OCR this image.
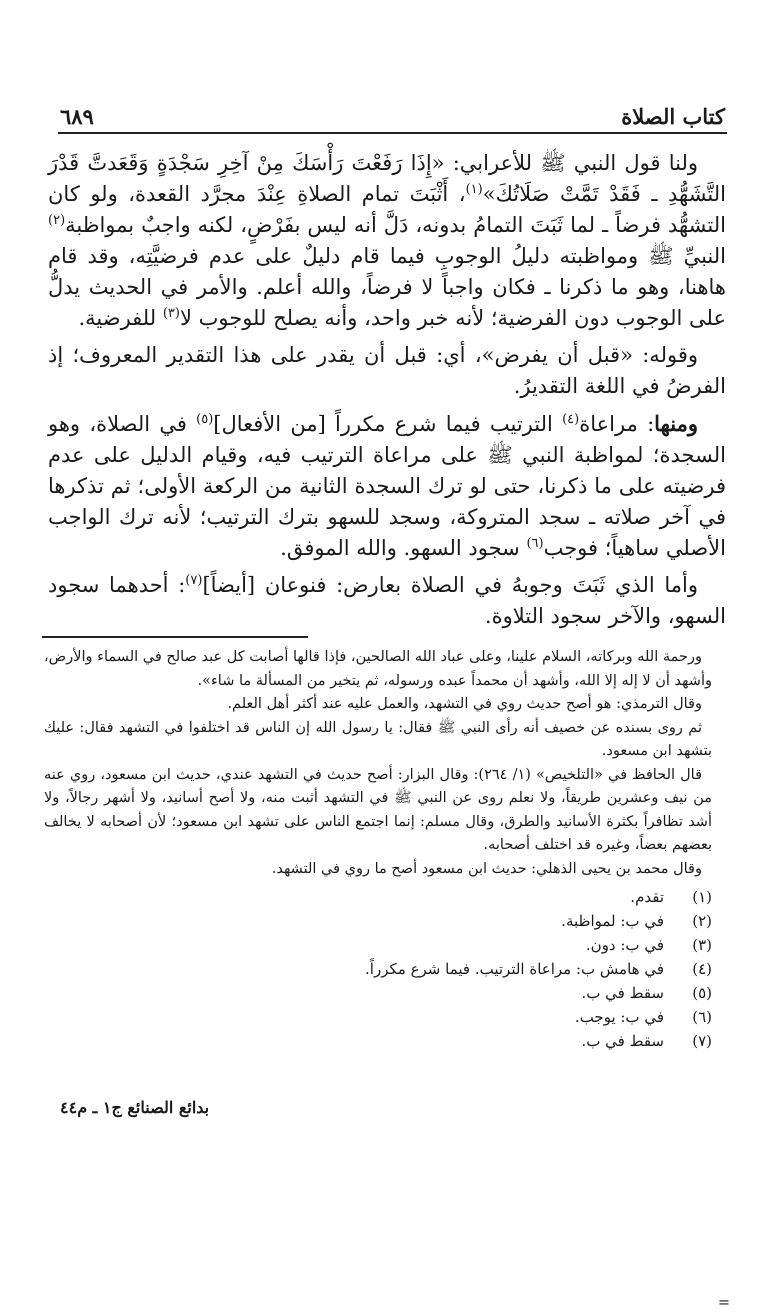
كتاب الصلاة
٦٨٩

ولنا قول النبي ﷺ للأعرابي: «إِذَا رَفَعْتَ رَأْسَكَ مِنْ آخِرِ سَجْدَةٍ وَقَعَدتَّ قَدْرَ التَّشَهُّدِ ـ فَقَدْ تَمَّتْ صَلَاتُكَ»$^{(١)}$، أَثْبَتَ تمام الصلاةِ عِنْدَ مجرَّد القعدة، ولو كان التشهُّد فرضاً ـ لما ثَبَتَ التمامُ بدونه، دَلَّ أنه ليس بفَرْضٍ، لكنه واجبٌ بمواظبة$^{(٢)}$ النبيِّ ﷺ ومواظبته دليلُ الوجوبِ فيما قام دليلٌ على عدم فرضيَّتِه، وقد قام هاهنا، وهو ما ذكرنا ـ فكان واجباً لا فرضاً، والله أعلم. والأمر في الحديث يدلُّ على الوجوب دون الفرضية؛ لأنه خبر واحد، وأنه يصلح للوجوب لا$^{(٣)}$ للفرضية.

وقوله: «قبل أن يفرض»، أي: قبل أن يقدر على هذا التقدير المعروف؛ إذ الفرضُ في اللغة التقديرُ.

ومنها: مراعاة$^{(٤)}$ الترتيب فيما شرع مكرراً [من الأفعال]$^{(٥)}$ في الصلاة، وهو السجدة؛ لمواظبة النبي ﷺ على مراعاة الترتيب فيه، وقيام الدليل على عدم فرضيته على ما ذكرنا، حتى لو ترك السجدة الثانية من الركعة الأولى؛ ثم تذكرها في آخر صلاته ـ سجد المتروكة، وسجد للسهو بترك الترتيب؛ لأنه ترك الواجب الأصلي ساهياً؛ فوجب$^{(٦)}$ سجود السهو. والله الموفق.

وأما الذي ثَبَتَ وجوبهُ في الصلاة بعارض: فنوعان [أيضاً]$^{(٧)}$: أحدهما سجود السهو، والآخر سجود التلاوة.

=

ورحمة الله وبركاته، السلام علينا، وعلى عباد الله الصالحين، فإذا قالها أصابت كل عبد صالح في السماء والأرض، وأشهد أن لا إله إلا الله، وأشهد أن محمداً عبده ورسوله، ثم يتخير من المسألة ما شاء».

وقال الترمذي: هو أصح حديث روي في التشهد، والعمل عليه عند أكثر أهل العلم.

ثم روى بسنده عن خصيف أنه رأى النبي ﷺ فقال: يا رسول الله إن الناس قد اختلفوا في التشهد فقال: عليك بتشهد ابن مسعود.

قال الحافظ في «التلخيص» (١/ ٢٦٤): وقال البزار: أصح حديث في التشهد عندي، حديث ابن مسعود، روي عنه من نيف وعشرين طريقاً، ولا نعلم روى عن النبي ﷺ في التشهد أثبت منه، ولا أصح أسانيد، ولا أشهر رجالاً، ولا أشد تظافراً بكثرة الأسانيد والطرق، وقال مسلم: إنما اجتمع الناس على تشهد ابن مسعود؛ لأن أصحابه لا يخالف بعضهم بعضاً، وغيره قد اختلف أصحابه.

وقال محمد بن يحيى الذهلي: حديث ابن مسعود أصح ما روي في التشهد.

(١)
تقدم.
(٢)
في ب: لمواظبة.
(٣)
في ب: دون.
(٤)
في هامش ب: مراعاة الترتيب. فيما شرع مكرراً.
(٥)
سقط في ب.
(٦)
في ب: يوجب.
(٧)
سقط في ب.
بدائع الصنائع ج١ ـ م٤٤
